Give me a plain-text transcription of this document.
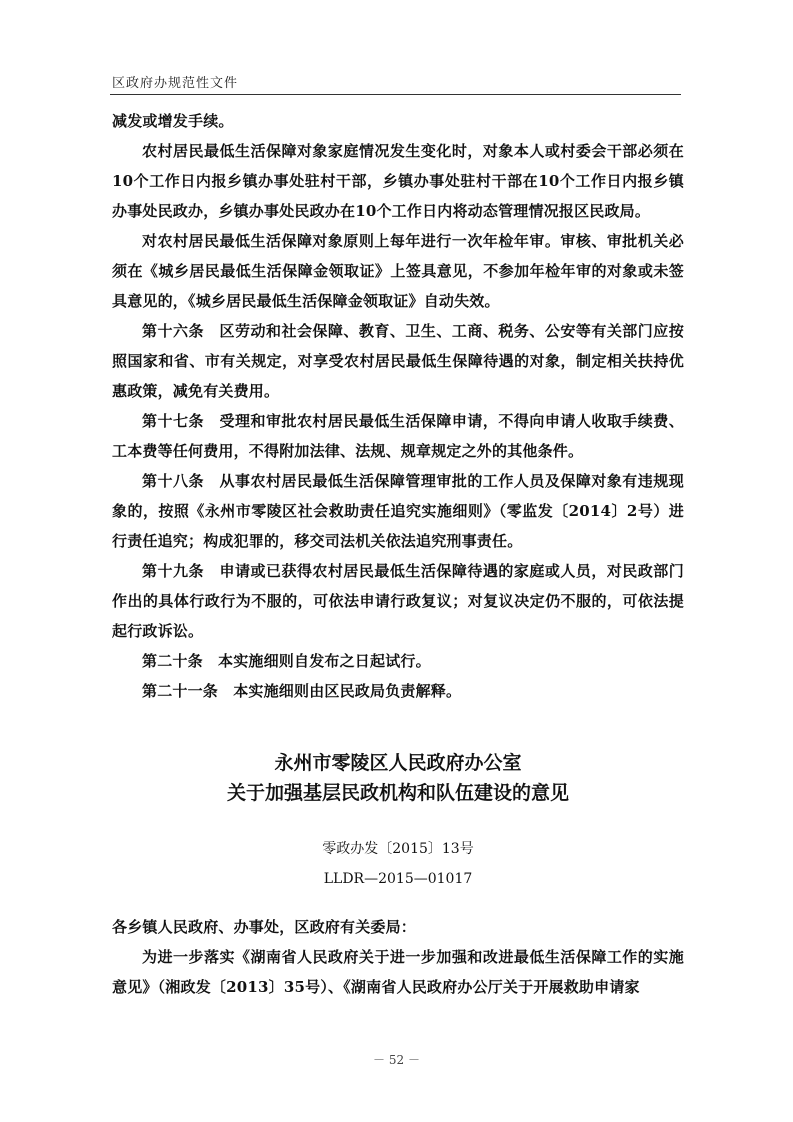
区政府办规范性文件

减发或增发手续。

农村居民最低生活保障对象家庭情况发生变化时，对象本人或村委会干部必须在10个工作日内报乡镇办事处驻村干部，乡镇办事处驻村干部在10个工作日内报乡镇办事处民政办，乡镇办事处民政办在10个工作日内将动态管理情况报区民政局。

对农村居民最低生活保障对象原则上每年进行一次年检年审。审核、审批机关必须在《城乡居民最低生活保障金领取证》上签具意见，不参加年检年审的对象或未签具意见的，《城乡居民最低生活保障金领取证》自动失效。

第十六条　区劳动和社会保障、教育、卫生、工商、税务、公安等有关部门应按照国家和省、市有关规定，对享受农村居民最低生保障待遇的对象，制定相关扶持优惠政策，减免有关费用。

第十七条　受理和审批农村居民最低生活保障申请，不得向申请人收取手续费、工本费等任何费用，不得附加法律、法规、规章规定之外的其他条件。

第十八条　从事农村居民最低生活保障管理审批的工作人员及保障对象有违规现象的，按照《永州市零陵区社会救助责任追究实施细则》（零监发〔2014〕2号）进行责任追究；构成犯罪的，移交司法机关依法追究刑事责任。

第十九条　申请或已获得农村居民最低生活保障待遇的家庭或人员，对民政部门作出的具体行政行为不服的，可依法申请行政复议；对复议决定仍不服的，可依法提起行政诉讼。

第二十条　本实施细则自发布之日起试行。

第二十一条　本实施细则由区民政局负责解释。

永州市零陵区人民政府办公室
关于加强基层民政机构和队伍建设的意见
零政办发〔2015〕13号
LLDR—2015—01017

各乡镇人民政府、办事处，区政府有关委局：

为进一步落实《湖南省人民政府关于进一步加强和改进最低生活保障工作的实施意见》（湘政发〔2013〕35号）、《湖南省人民政府办公厅关于开展救助申请家

－ 52 －
